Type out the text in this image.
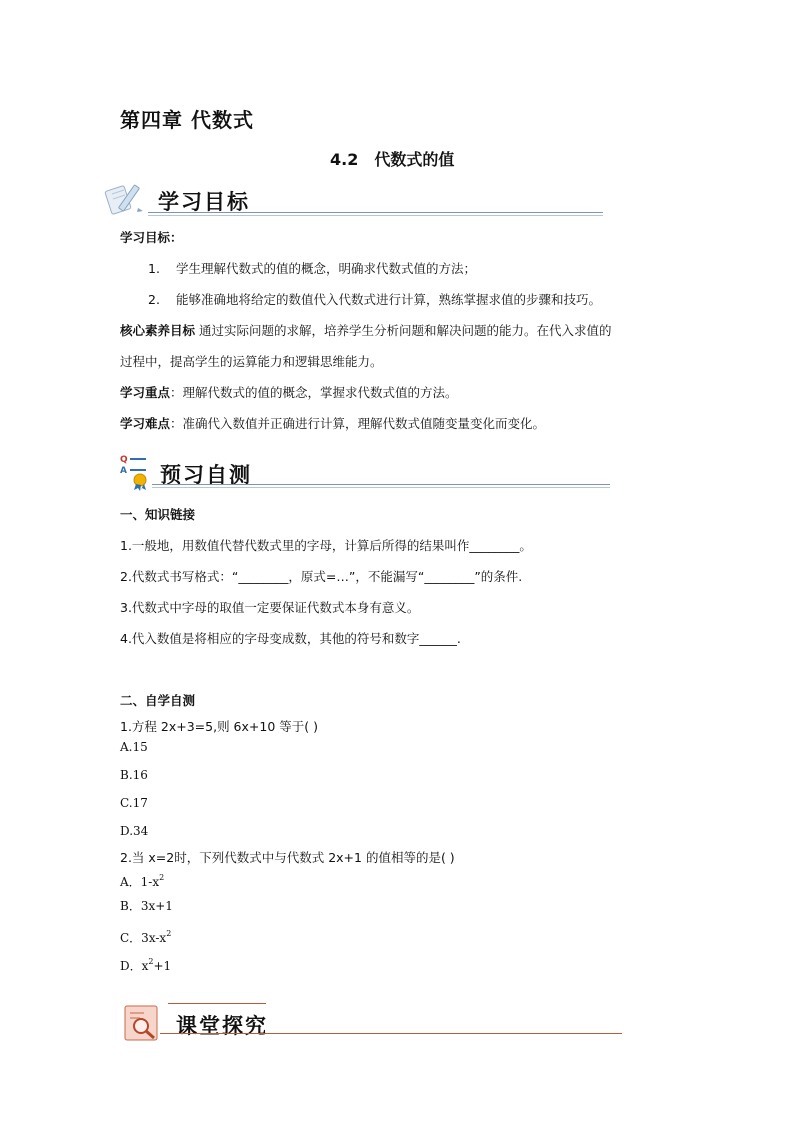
第四章 代数式
4.2　代数式的值
学习目标
学习目标：
1. 学生理解代数式的值的概念，明确求代数式值的方法；
2. 能够准确地将给定的数值代入代数式进行计算，熟练掌握求值的步骤和技巧。
核心素养目标 通过实际问题的求解，培养学生分析问题和解决问题的能力。在代入求值的
过程中，提高学生的运算能力和逻辑思维能力。
学习重点：理解代数式的值的概念，掌握求代数式值的方法。
学习难点：准确代入数值并正确进行计算，理解代数式值随变量变化而变化。
Q
A 预习自测
一、知识链接
1.一般地，用数值代替代数式里的字母，计算后所得的结果叫作________。
2.代数式书写格式：“________，原式=…”，不能漏写“________”的条件.
3.代数式中字母的取值一定要保证代数式本身有意义。
4.代入数值是将相应的字母变成数，其他的符号和数字______.
二、自学自测
1.方程 2x+3=5,则 6x+10 等于( )
A.15
B.16
C.17
D.34
2.当 x=2时，下列代数式中与代数式 2x+1 的值相等的是( )
A．$1-x^2$
B．3x+1
C．$3x-x^2$
D．$x^2+1$
课堂探究
